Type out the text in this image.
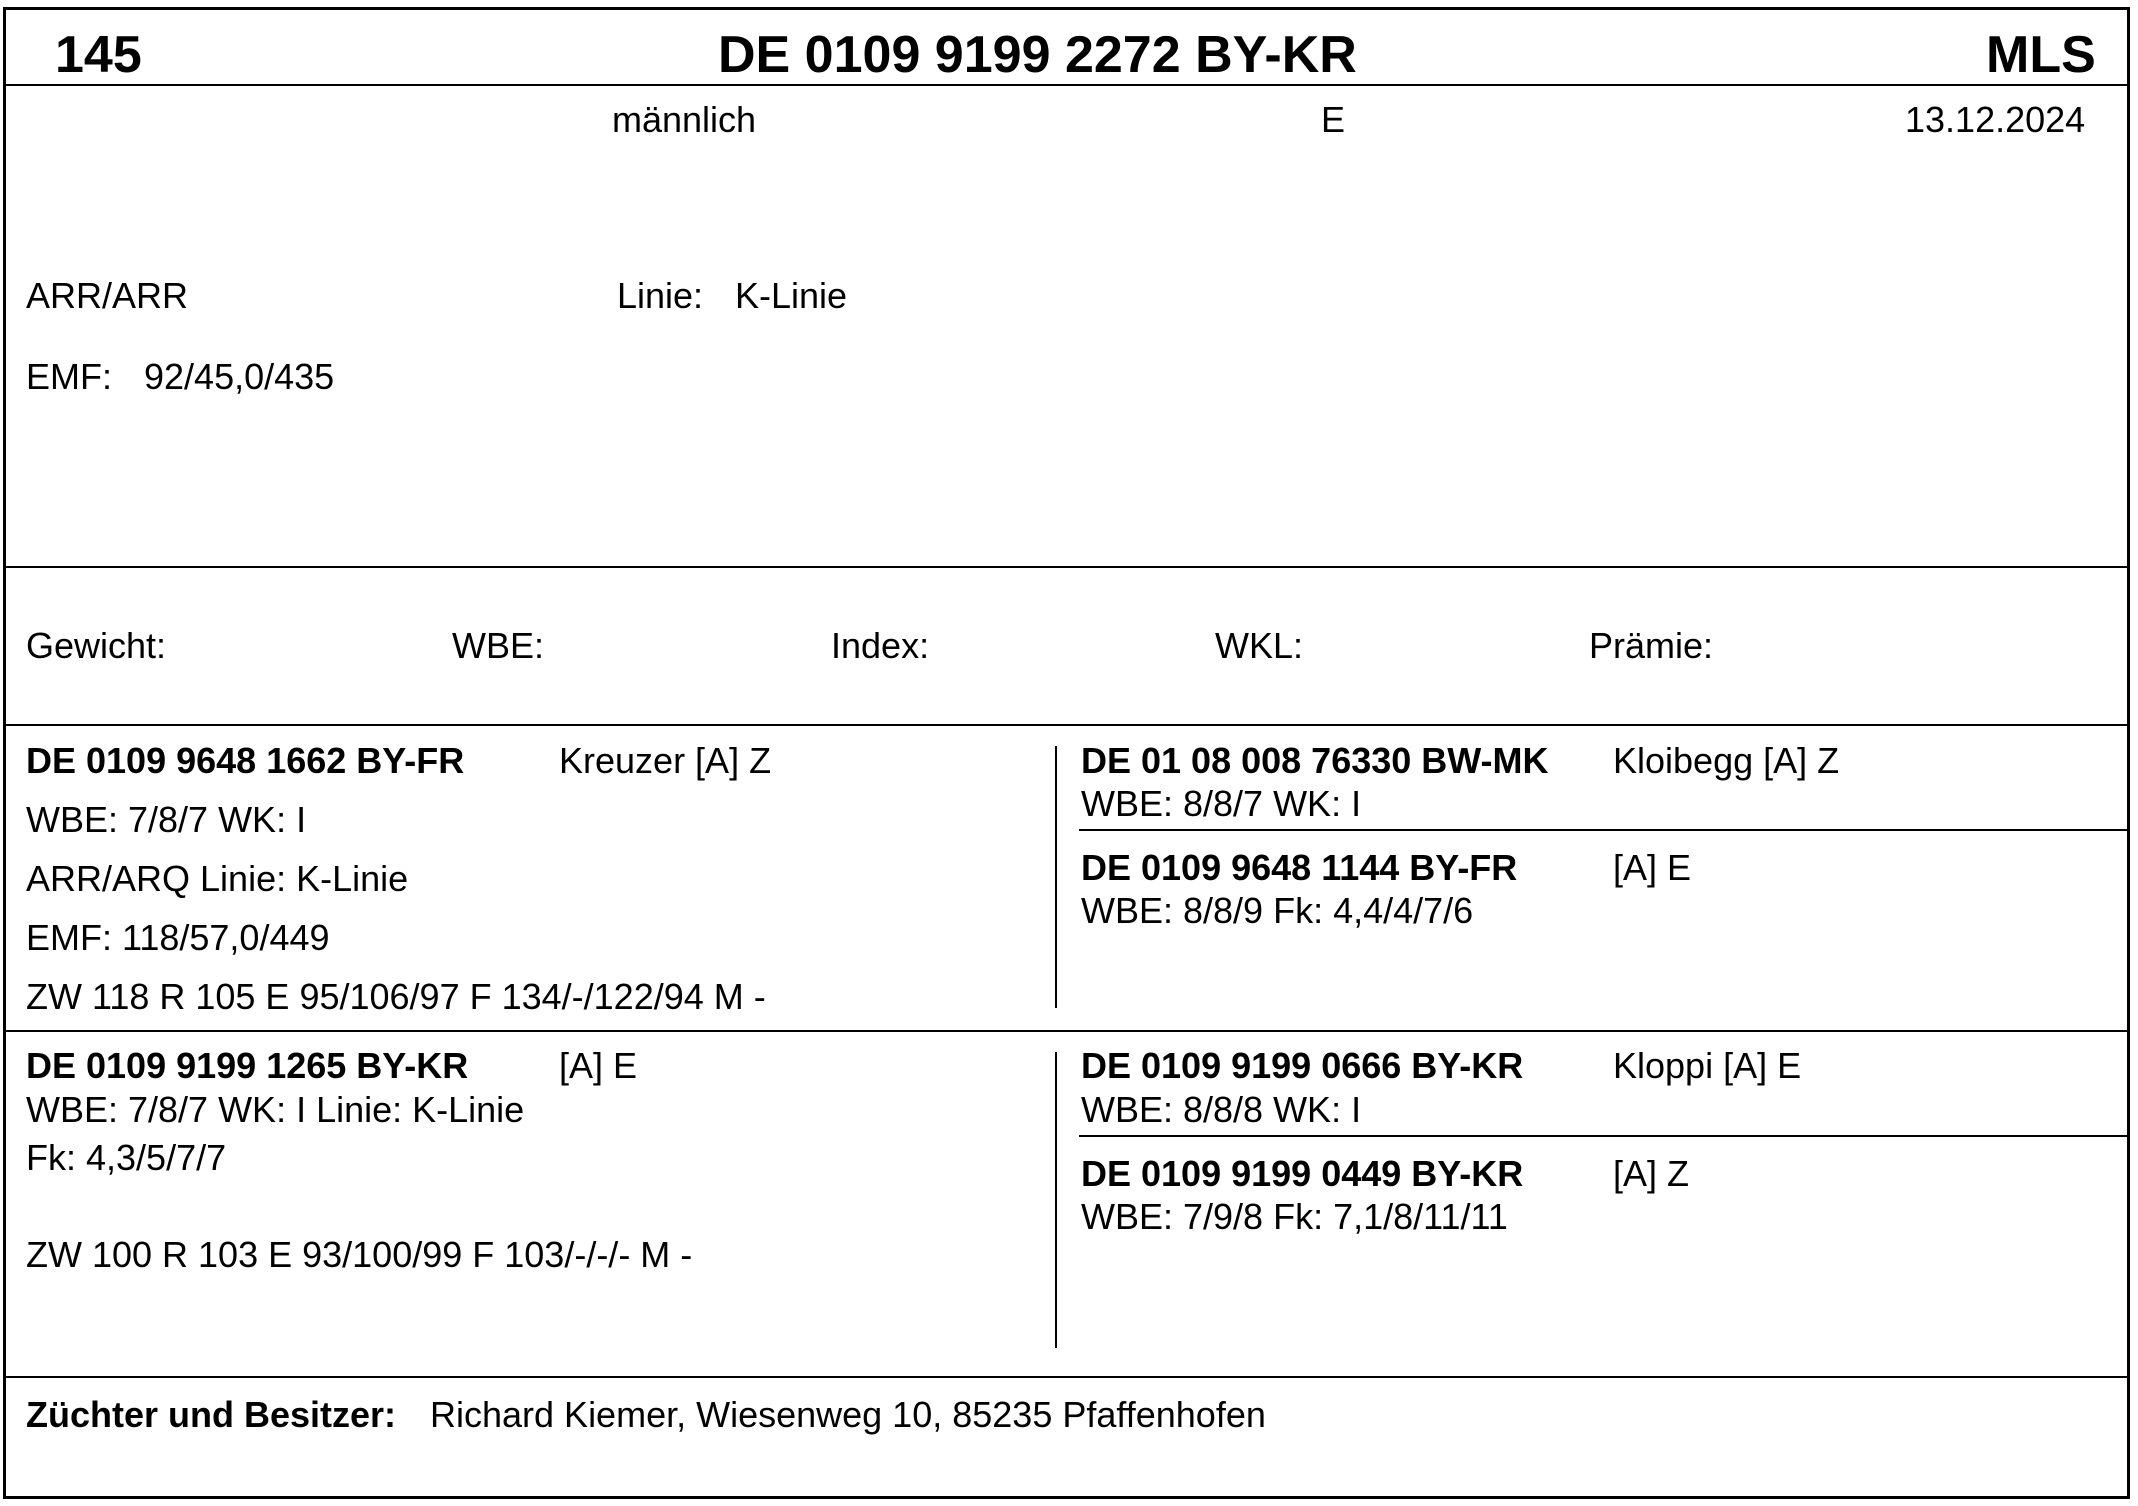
145	DE 0109 9199 2272 BY-KR	MLS
männlich	E	13.12.2024
ARR/ARR	Linie: K-Linie
EMF: 92/45,0/435
Gewicht:	WBE:	Index:	WKL:	Prämie:
DE 0109 9648 1662 BY-FR	Kreuzer [A] Z
WBE: 7/8/7 WK: I
ARR/ARQ Linie: K-Linie
EMF: 118/57,0/449
ZW 118 R 105 E 95/106/97 F 134/-/122/94 M -
DE 01 08 008 76330 BW-MK Kloibegg [A] Z
WBE: 8/8/7 WK: I
DE 0109 9648 1144 BY-FR	[A] E
WBE: 8/8/9 Fk: 4,4/4/7/6
DE 0109 9199 1265 BY-KR	[A] E
WBE: 7/8/7 WK: I Linie: K-Linie
Fk: 4,3/5/7/7
ZW 100 R 103 E 93/100/99 F 103/-/-/- M -
DE 0109 9199 0666 BY-KR Kloppi [A] E
WBE: 8/8/8 WK: I
DE 0109 9199 0449 BY-KR [A] Z
WBE: 7/9/8 Fk: 7,1/8/11/11
Züchter und Besitzer: Richard Kiemer, Wiesenweg 10, 85235 Pfaffenhofen
